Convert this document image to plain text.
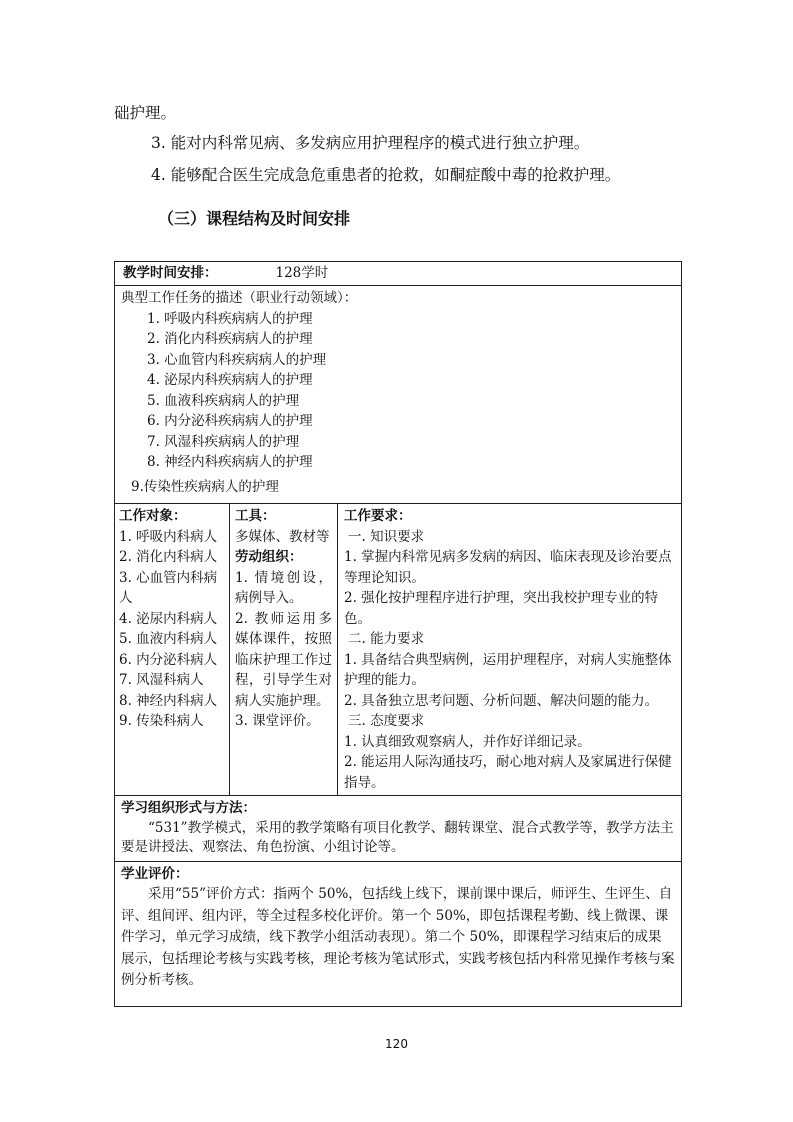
础护理。
3. 能对内科常见病、多发病应用护理程序的模式进行独立护理。
4. 能够配合医生完成急危重患者的抢救，如酮症酸中毒的抢救护理。
（三）课程结构及时间安排
教学时间安排：	128学时

典型工作任务的描述（职业行动领域）：
1. 呼吸内科疾病病人的护理
2. 消化内科疾病病人的护理
3. 心血管内科疾病病人的护理
4. 泌尿内科疾病病人的护理
5. 血液科疾病病人的护理
6. 内分泌科疾病病人的护理
7. 风湿科疾病病人的护理
8. 神经内科疾病病人的护理
9.传染性疾病病人的护理

工作对象：
1. 呼吸内科病人
2. 消化内科病人
3. 心血管内科病人
4. 泌尿内科病人
5. 血液内科病人
6. 内分泌科病人
7. 风湿科病人
8. 神经内科病人
9. 传染科病人

工具：
多媒体、教材等
劳动组织：
1. 情境创设，病例导入。
2. 教师运用多媒体课件，按照临床护理工作过程，引导学生对病人实施护理。
3. 课堂评价。

工作要求：
一. 知识要求
1. 掌握内科常见病多发病的病因、临床表现及诊治要点等理论知识。
2. 强化按护理程序进行护理，突出我校护理专业的特色。
二. 能力要求
1. 具备结合典型病例，运用护理程序，对病人实施整体护理的能力。
2. 具备独立思考问题、分析问题、解决问题的能力。
三. 态度要求
1. 认真细致观察病人，并作好详细记录。
2. 能运用人际沟通技巧，耐心地对病人及家属进行保健指导。

学习组织形式与方法：
“531”教学模式，采用的教学策略有项目化教学、翻转课堂、混合式教学等，教学方法主要是讲授法、观察法、角色扮演、小组讨论等。

学业评价：
采用“55”评价方式：指两个 50%，包括线上线下，课前课中课后，师评生、生评生、自评、组间评、组内评，等全过程多校化评价。第一个 50%，即包括课程考勤、线上微课、课件学习，单元学习成绩，线下教学小组活动表现）。第二个 50%，即课程学习结束后的成果展示，包括理论考核与实践考核，理论考核为笔试形式，实践考核包括内科常见操作考核与案例分析考核。
120
